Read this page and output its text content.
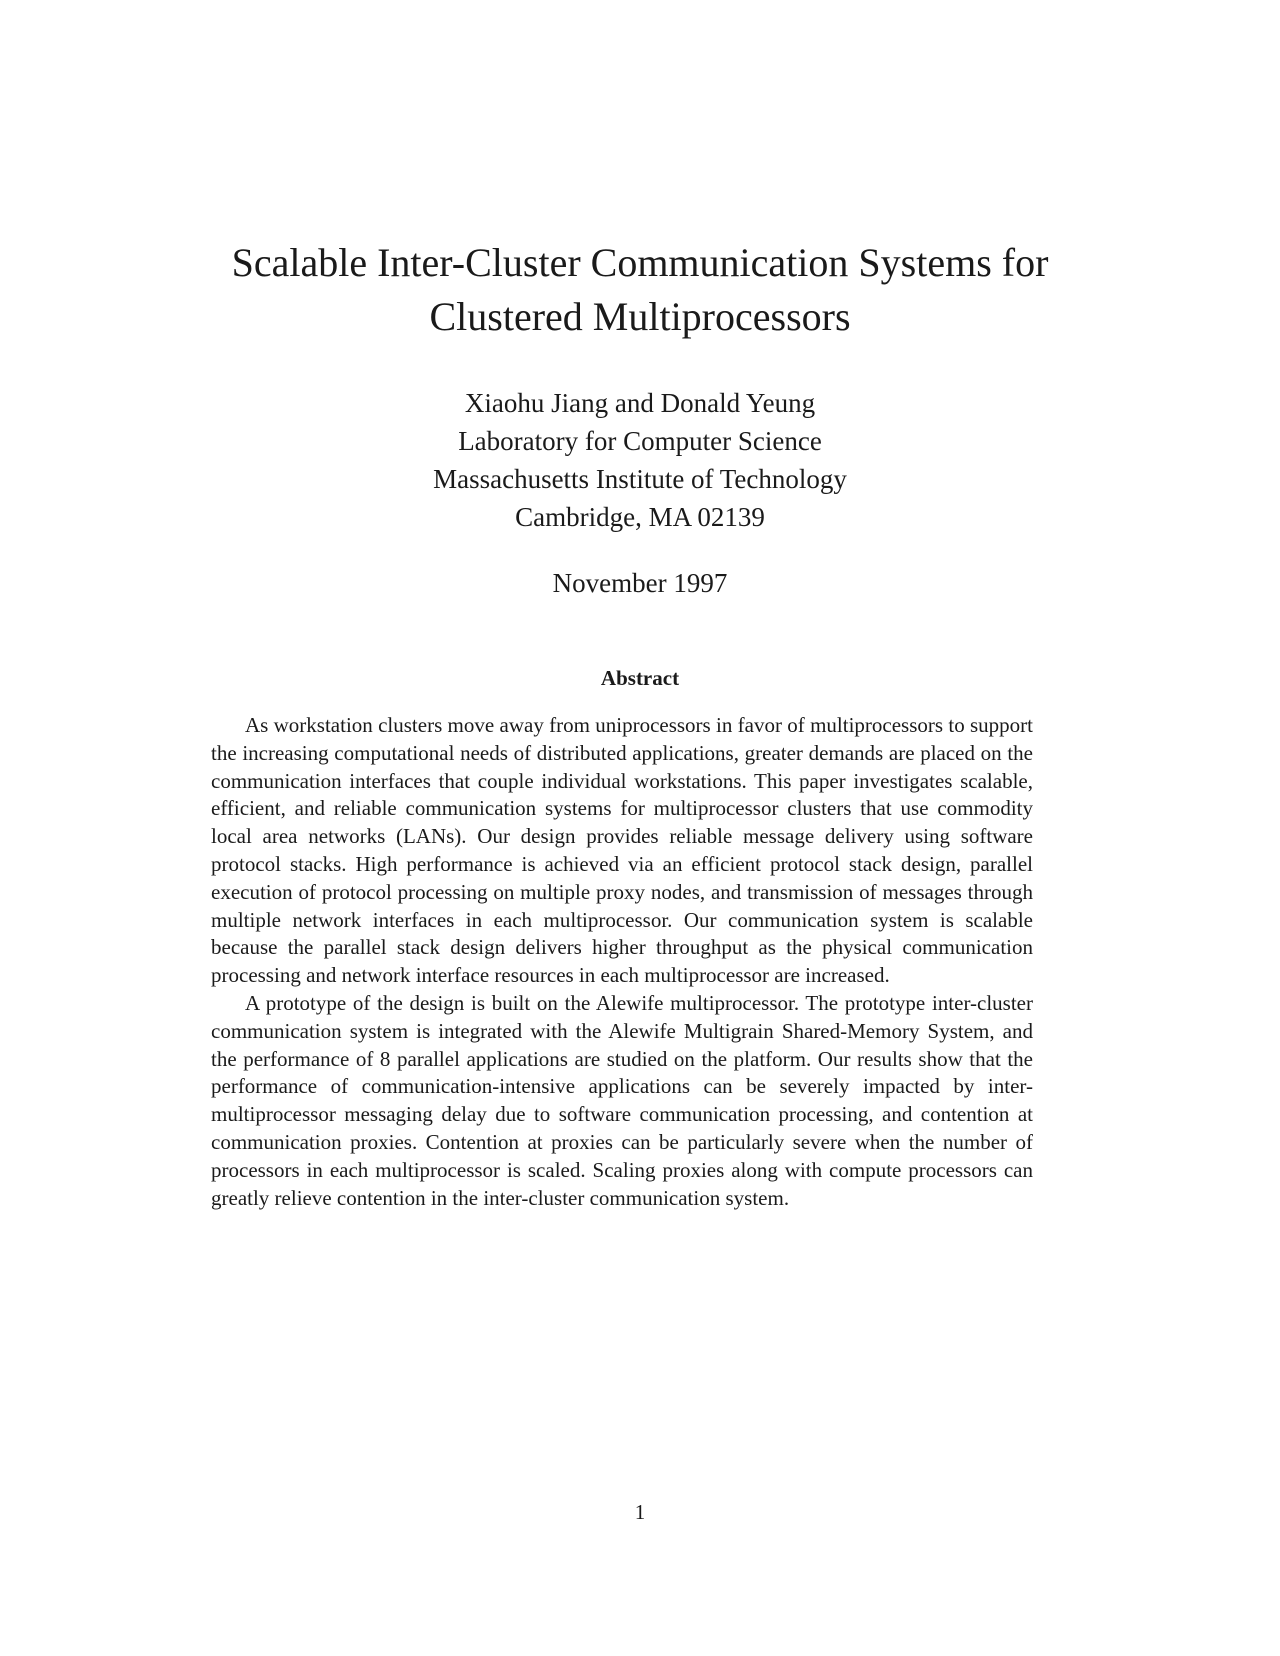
Scalable Inter-Cluster Communication Systems for
Clustered Multiprocessors
Xiaohu Jiang and Donald Yeung
Laboratory for Computer Science
Massachusetts Institute of Technology
Cambridge, MA 02139
November 1997
Abstract

As workstation clusters move away from uniprocessors in favor of multiprocessors to support the increasing computational needs of distributed applications, greater demands are placed on the communication interfaces that couple individual workstations. This paper investigates scalable, efficient, and reliable communication systems for multiprocessor clusters that use commodity local area networks (LANs). Our design provides reliable message delivery using software protocol stacks. High performance is achieved via an efficient protocol stack design, parallel execution of protocol processing on multiple proxy nodes, and transmission of messages through multiple network interfaces in each multiprocessor. Our communication system is scalable because the parallel stack design delivers higher throughput as the physical communication processing and network interface resources in each multiprocessor are increased.

A prototype of the design is built on the Alewife multiprocessor. The prototype inter-cluster communication system is integrated with the Alewife Multigrain Shared-Memory System, and the performance of 8 parallel applications are studied on the platform. Our results show that the performance of communication-intensive applications can be severely impacted by inter-multiprocessor messaging delay due to software communication processing, and contention at communication proxies. Contention at proxies can be particularly severe when the number of processors in each multiprocessor is scaled. Scaling proxies along with compute processors can greatly relieve contention in the inter-cluster communication system.

1
